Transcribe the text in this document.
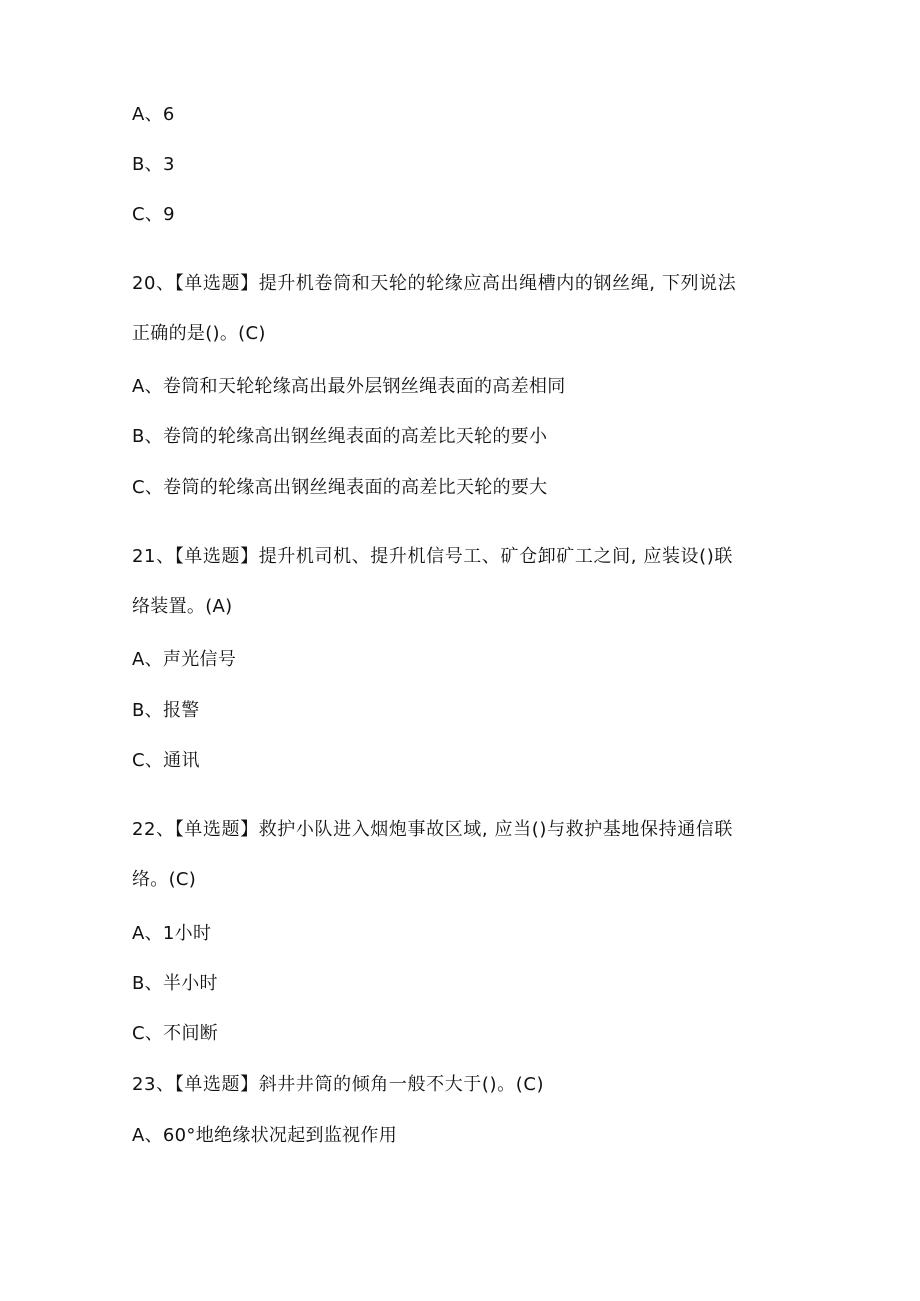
A、6
B、3
C、9
20、【单选题】提升机卷筒和天轮的轮缘应高出绳槽内的钢丝绳, 下列说法
正确的是()。(C)
A、卷筒和天轮轮缘高出最外层钢丝绳表面的高差相同
B、卷筒的轮缘高出钢丝绳表面的高差比天轮的要小
C、卷筒的轮缘高出钢丝绳表面的高差比天轮的要大
21、【单选题】提升机司机、提升机信号工、矿仓卸矿工之间, 应装设()联
络装置。(A)
A、声光信号
B、报警
C、通讯
22、【单选题】救护小队进入烟炮事故区域, 应当()与救护基地保持通信联
络。(C)
A、1小时
B、半小时
C、不间断
23、【单选题】斜井井筒的倾角一般不大于()。(C)
A、60°地绝缘状况起到监视作用
